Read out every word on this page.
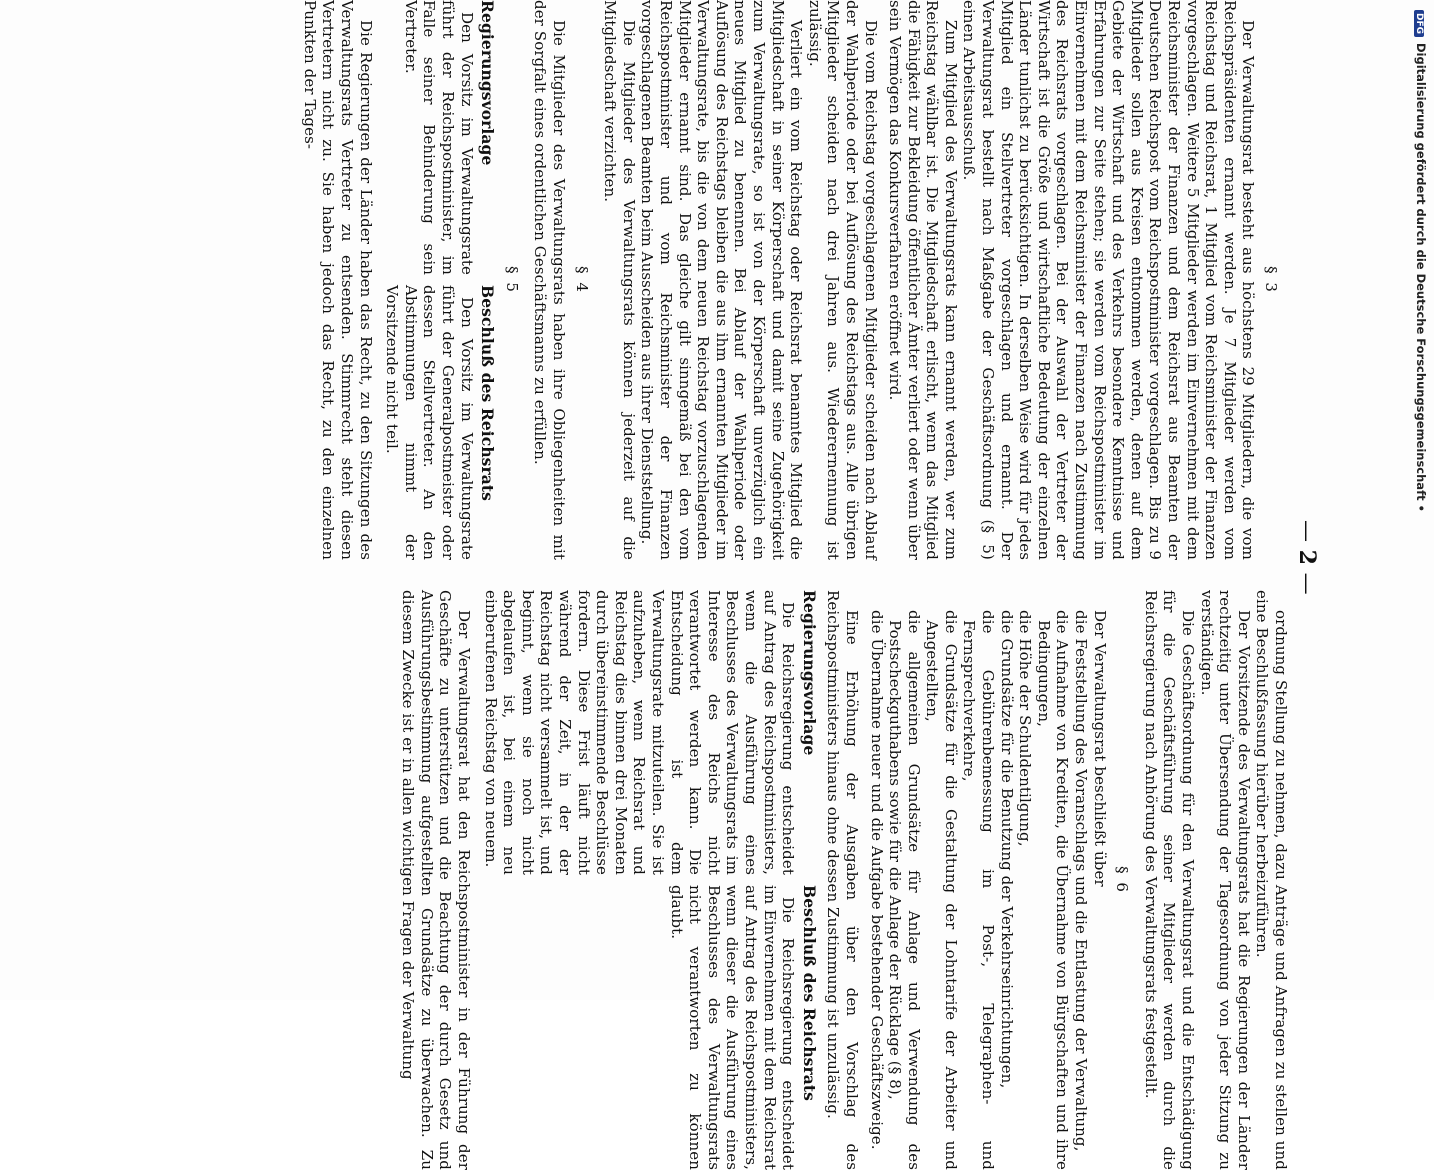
— 2 —
§ 3

Der Verwaltungsrat besteht aus höchstens 29 Mitgliedern, die vom Reichspräsidenten ernannt werden. Je 7 Mitglieder werden vom Reichstag und Reichsrat, 1 Mitglied vom Reichsminister der Finanzen vorgeschlagen. Weitere 5 Mitglieder werden im Einvernehmen mit dem Reichsminister der Finanzen und dem Reichsrat aus Beamten der Deutschen Reichspost vom Reichspostminister vorgeschlagen. Bis zu 9 Mitglieder sollen aus Kreisen entnommen werden, denen auf dem Gebiete der Wirtschaft und des Verkehrs besondere Kenntnisse und Erfahrungen zur Seite stehen; sie werden vom Reichspostminister im Einvernehmen mit dem Reichsminister der Finanzen nach Zustimmung des Reichsrats vorgeschlagen. Bei der Auswahl der Vertreter der Wirtschaft ist die Größe und wirtschaftliche Bedeutung der einzelnen Länder tunlichst zu berücksichtigen. In derselben Weise wird für jedes Mitglied ein Stellvertreter vorgeschlagen und ernannt. Der Verwaltungsrat bestellt nach Maßgabe der Geschäftsordnung (§ 5) einen Arbeitsausschuß.

Zum Mitglied des Verwaltungsrats kann ernannt werden, wer zum Reichstag wählbar ist. Die Mitgliedschaft erlischt, wenn das Mitglied die Fähigkeit zur Bekleidung öffentlicher Ämter verliert oder wenn über sein Vermögen das Konkursverfahren eröffnet wird.

Die vom Reichstag vorgeschlagenen Mitglieder scheiden nach Ablauf der Wahlperiode oder bei Auflösung des Reichstags aus. Alle übrigen Mitglieder scheiden nach drei Jahren aus. Wiederernennung ist zulässig.

Verliert ein vom Reichstag oder Reichsrat benanntes Mitglied die Mitgliedschaft in seiner Körperschaft und damit seine Zugehörigkeit zum Verwaltungsrate, so ist von der Körperschaft unverzüglich ein neues Mitglied zu benennen. Bei Ablauf der Wahlperiode oder Auflösung des Reichstags bleiben die aus ihm ernannten Mitglieder im Verwaltungsrate, bis die von dem neuen Reichstag vorzuschlagenden Mitglieder ernannt sind. Das gleiche gilt sinngemäß bei den vom Reichspostminister und vom Reichsminister der Finanzen vorgeschlagenen Beamten beim Ausscheiden aus ihrer Dienststellung.

Die Mitglieder des Verwaltungsrats können jederzeit auf die Mitgliedschaft verzichten.

§ 4

Die Mitglieder des Verwaltungsrats haben ihre Obliegenheiten mit der Sorgfalt eines ordentlichen Geschäftsmanns zu erfüllen.

§ 5
Regierungsvorlage

Den Vorsitz im Verwaltungsrate führt der Reichspostminister, im Falle seiner Behinderung sein Vertreter.

Beschluß des Reichsrats

Den Vorsitz im Verwaltungsrate führt der Generalpostmeister oder dessen Stellvertreter. An den Abstimmungen nimmt der Vorsitzende nicht teil.

Die Regierungen der Länder haben das Recht, zu den Sitzungen des Verwaltungsrats Vertreter zu entsenden. Stimmrecht steht diesen Vertretern nicht zu. Sie haben jedoch das Recht, zu den einzelnen Punkten der Tages-

ordnung Stellung zu nehmen, dazu Anträge und Anfragen zu stellen und eine Beschlußfassung hierüber herbeizuführen.

Der Vorsitzende des Verwaltungsrats hat die Regierungen der Länder rechtzeitig unter Übersendung der Tagesordnung von jeder Sitzung zu verständigen.

Die Geschäftsordnung für den Verwaltungsrat und die Entschädigung für die Geschäftsführung seiner Mitglieder werden durch die Reichsregierung nach Anhörung des Verwaltungsrats festgestellt.

§ 6

Der Verwaltungsrat beschließt über

die Feststellung des Voranschlags und die Entlastung der Verwaltung,
die Aufnahme von Krediten, die Übernahme von Bürgschaften und ihre Bedingungen,
die Höhe der Schuldentilgung,
die Grundsätze für die Benutzung der Verkehrseinrichtungen,
die Gebührenbemessung im Post-, Telegraphen- und Fernsprechverkehre,
die Grundsätze für die Gestaltung der Lohntarife der Arbeiter und Angestellten,
die allgemeinen Grundsätze für Anlage und Verwendung des Postscheckguthabens sowie für die Anlage der Rücklage (§ 8),
die Übernahme neuer und die Aufgabe bestehender Geschäftszweige.

Eine Erhöhung der Ausgaben über den Vorschlag des Reichspostministers hinaus ohne dessen Zustimmung ist unzulässig.

Regierungsvorlage

Die Reichsregierung entscheidet auf Antrag des Reichspostministers, wenn die Ausführung eines Beschlusses des Verwaltungsrats im Interesse des Reichs nicht verantwortet werden kann. Die Entscheidung ist dem Verwaltungsrate mitzuteilen. Sie ist aufzuheben, wenn Reichsrat und Reichstag dies binnen drei Monaten durch übereinstimmende Beschlüsse fordern. Diese Frist läuft nicht während der Zeit, in der der Reichstag nicht versammelt ist, und beginnt, wenn sie noch nicht abgelaufen ist, bei einem neu einberufenen Reichstag von neuem.

Beschluß des Reichsrats

Die Reichsregierung entscheidet im Einvernehmen mit dem Reichsrat auf Antrag des Reichspostministers, wenn dieser die Ausführung eines Beschlusses des Verwaltungsrats nicht verantworten zu können glaubt.

Der Verwaltungsrat hat den Reichspostminister in der Führung der Geschäfte zu unterstützen und die Beachtung der durch Gesetz und Ausführungsbestimmung aufgestellten Grundsätze zu überwachen. Zu diesem Zwecke ist er in allen wichtigen Fragen der Verwaltung

DFGDigitalisierung gefördert durch die Deutsche Forschungsgemeinschaft •
